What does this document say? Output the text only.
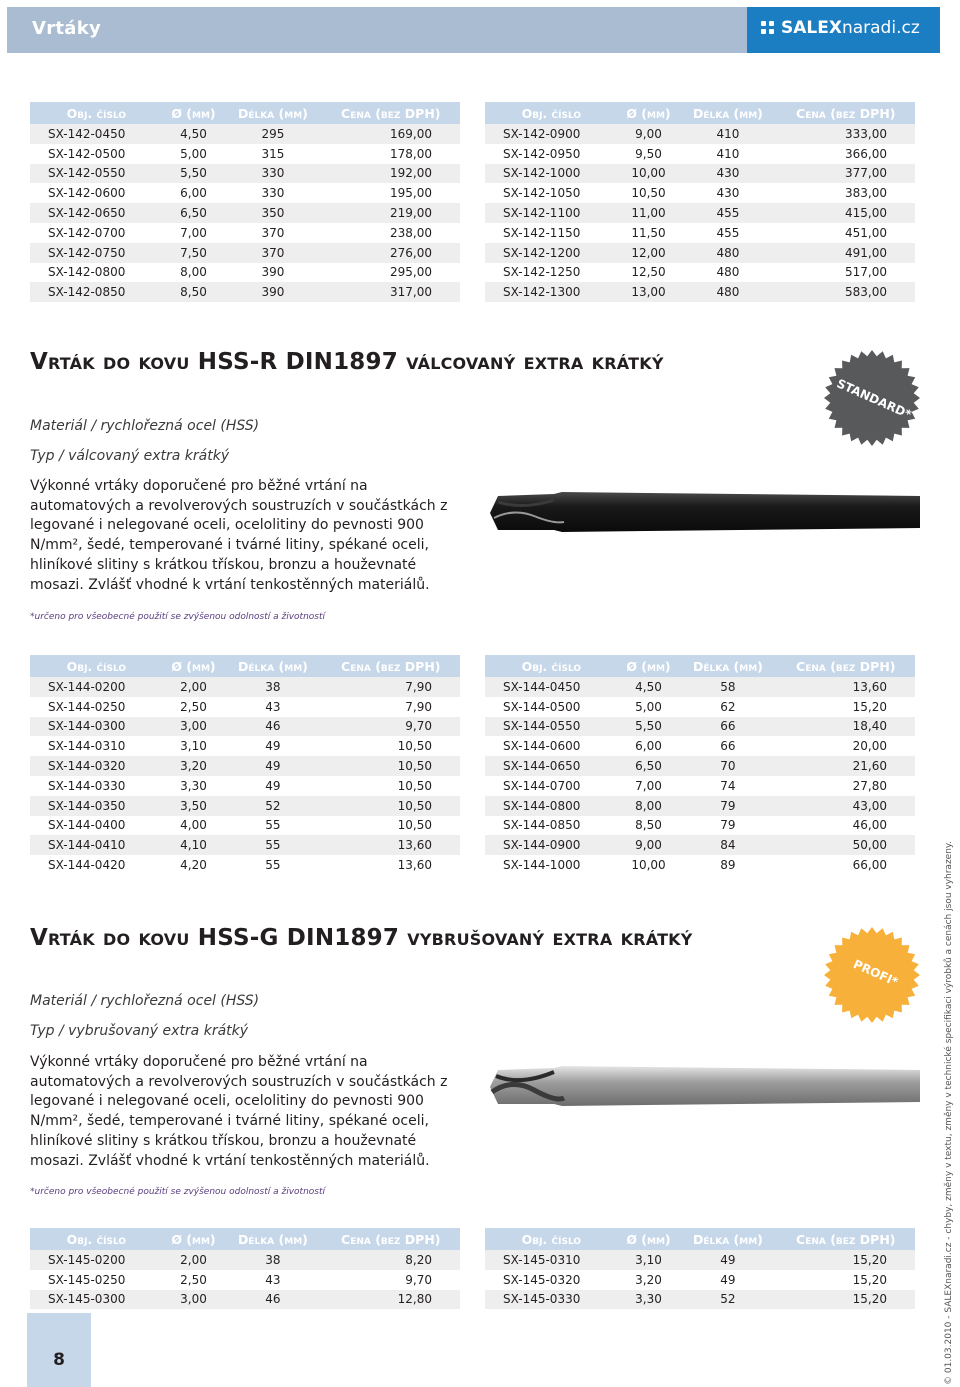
Vrtáky	SALEXnaradi.cz
Obj. číslo	Ø (mm)	Délka (mm)	Cena (bez DPH)
SX-142-0450	4,50	295	169,00
SX-142-0500	5,00	315	178,00
SX-142-0550	5,50	330	192,00
SX-142-0600	6,00	330	195,00
SX-142-0650	6,50	350	219,00
SX-142-0700	7,00	370	238,00
SX-142-0750	7,50	370	276,00
SX-142-0800	8,00	390	295,00
SX-142-0850	8,50	390	317,00
Obj. číslo	Ø (mm)	Délka (mm)	Cena (bez DPH)
SX-142-0900	9,00	410	333,00
SX-142-0950	9,50	410	366,00
SX-142-1000	10,00	430	377,00
SX-142-1050	10,50	430	383,00
SX-142-1100	11,00	455	415,00
SX-142-1150	11,50	455	451,00
SX-142-1200	12,00	480	491,00
SX-142-1250	12,50	480	517,00
SX-142-1300	13,00	480	583,00
Vrták do kovu HSS-R DIN1897 válcovaný extra krátký
STANDARD*
Materiál / rychlořezná ocel (HSS)
Typ / válcovaný extra krátký
Výkonné vrtáky doporučené pro běžné vrtání na automatových a revolverových soustruzích v součástkách z legované i nelegované oceli, ocelolitiny do pevnosti 900 N/mm², šedé, temperované i tvárné litiny, spékané oceli, hliníkové slitiny s krátkou třískou, bronzu a houževnaté mosazi. Zvlášť vhodné k vrtání tenkostěnných materiálů.
*určeno pro všeobecné použití se zvýšenou odolností a životností
Obj. číslo	Ø (mm)	Délka (mm)	Cena (bez DPH)
SX-144-0200	2,00	38	7,90
SX-144-0250	2,50	43	7,90
SX-144-0300	3,00	46	9,70
SX-144-0310	3,10	49	10,50
SX-144-0320	3,20	49	10,50
SX-144-0330	3,30	49	10,50
SX-144-0350	3,50	52	10,50
SX-144-0400	4,00	55	10,50
SX-144-0410	4,10	55	13,60
SX-144-0420	4,20	55	13,60
Obj. číslo	Ø (mm)	Délka (mm)	Cena (bez DPH)
SX-144-0450	4,50	58	13,60
SX-144-0500	5,00	62	15,20
SX-144-0550	5,50	66	18,40
SX-144-0600	6,00	66	20,00
SX-144-0650	6,50	70	21,60
SX-144-0700	7,00	74	27,80
SX-144-0800	8,00	79	43,00
SX-144-0850	8,50	79	46,00
SX-144-0900	9,00	84	50,00
SX-144-1000	10,00	89	66,00
Vrták do kovu HSS-G DIN1897 vybrušovaný extra krátký
PROFI*
Materiál / rychlořezná ocel (HSS)
Typ / vybrušovaný extra krátký
Výkonné vrtáky doporučené pro běžné vrtání na automatových a revolverových soustruzích v součástkách z legované i nelegované oceli, ocelolitiny do pevnosti 900 N/mm², šedé, temperované i tvárné litiny, spékané oceli, hliníkové slitiny s krátkou třískou, bronzu a houževnaté mosazi. Zvlášť vhodné k vrtání tenkostěnných materiálů.
*určeno pro všeobecné použití se zvýšenou odolností a životností
Obj. číslo	Ø (mm)	Délka (mm)	Cena (bez DPH)
SX-145-0200	2,00	38	8,20
SX-145-0250	2,50	43	9,70
SX-145-0300	3,00	46	12,80
Obj. číslo	Ø (mm)	Délka (mm)	Cena (bez DPH)
SX-145-0310	3,10	49	15,20
SX-145-0320	3,20	49	15,20
SX-145-0330	3,30	52	15,20
8	© 01.03.2010 - SALEXnaradi.cz - chyby, změny v textu, změny v technické specifikaci výrobků a cenách jsou vyhrazeny.
